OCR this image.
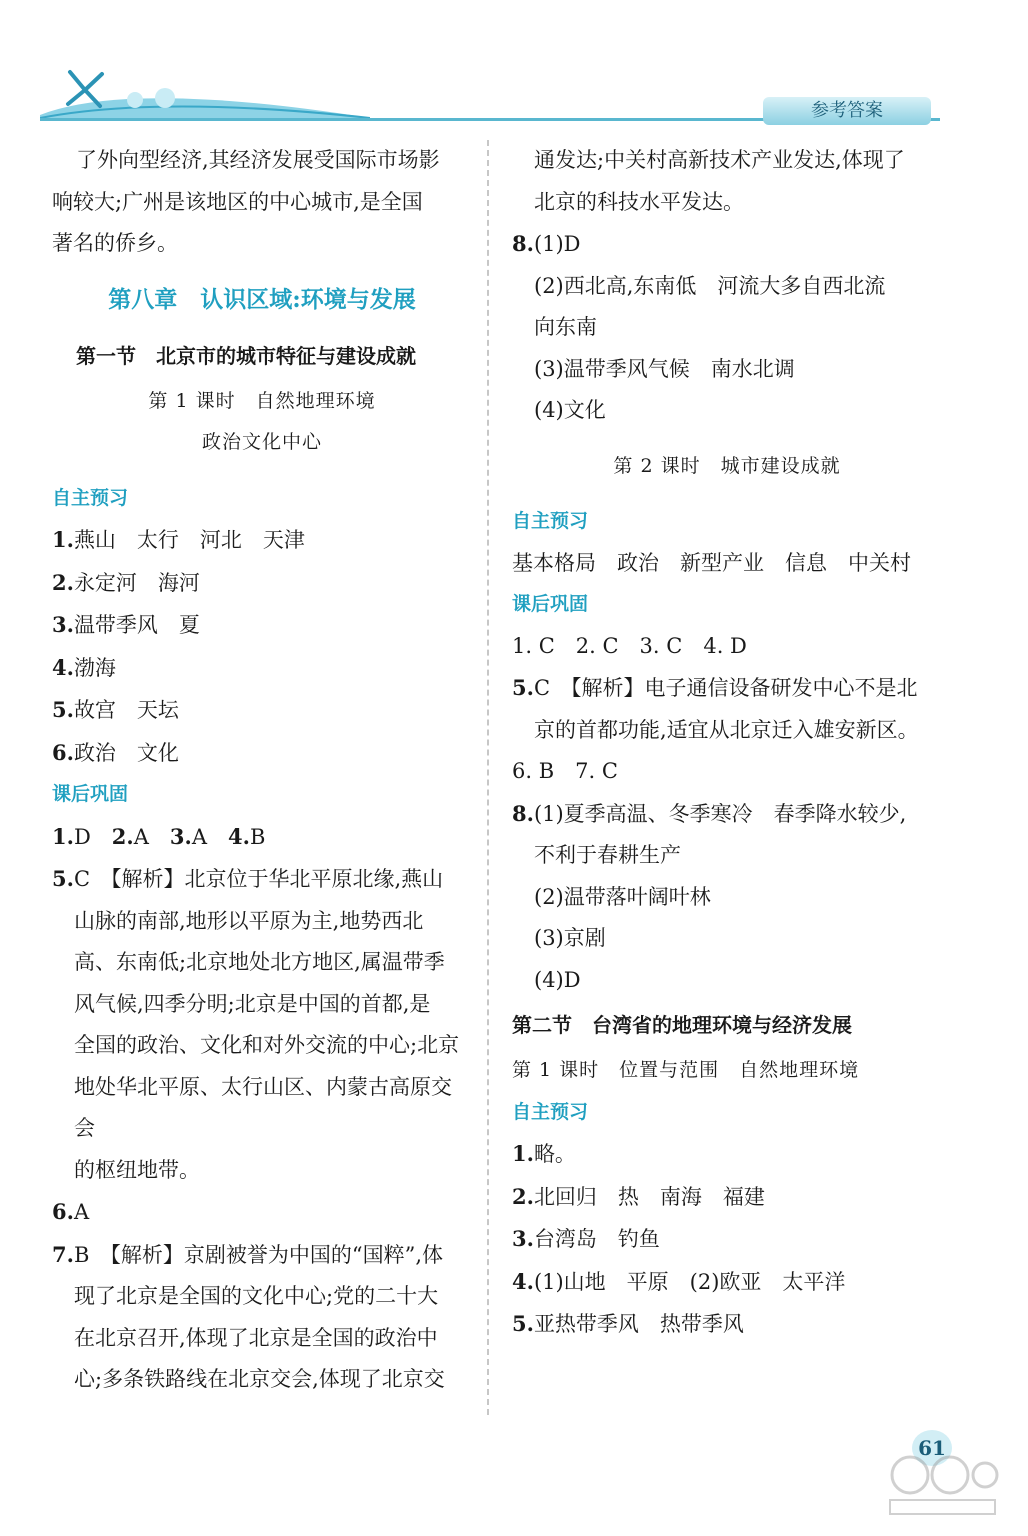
参考答案

了外向型经济,其经济发展受国际市场影

响较大;广州是该地区的中心城市,是全国

著名的侨乡。

第八章　认识区域:环境与发展
第一节　北京市的城市特征与建设成就

第 1 课时　自然地理环境

政治文化中心

自主预习

1.燕山　太行　河北　天津

2.永定河　海河

3.温带季风　夏

4.渤海

5.故宫　天坛

6.政治　文化

课后巩固

1.D　 2.A　 3.A　 4.B

5.C　【解析】北京位于华北平原北缘,燕山

山脉的南部,地形以平原为主,地势西北

高、东南低;北京地处北方地区,属温带季

风气候,四季分明;北京是中国的首都,是

全国的政治、文化和对外交流的中心;北京

地处华北平原、太行山区、内蒙古高原交会

的枢纽地带。

6.A

7.B　【解析】京剧被誉为中国的“国粹”,体

现了北京是全国的文化中心;党的二十大

在北京召开,体现了北京是全国的政治中

心;多条铁路线在北京交会,体现了北京交

通发达;中关村高新技术产业发达,体现了

北京的科技水平发达。

8.(1)D

(2)西北高,东南低　河流大多自西北流

向东南

(3)温带季风气候　南水北调

(4)文化

第 2 课时　城市建设成就

自主预习

基本格局　政治　新型产业　信息　中关村

课后巩固

1. C　2. C　3. C　4. D

5.C　【解析】电子通信设备研发中心不是北

京的首都功能,适宜从北京迁入雄安新区。

6. B　7. C

8.(1)夏季高温、冬季寒冷　春季降水较少,

不利于春耕生产

(2)温带落叶阔叶林

(3)京剧

(4)D

第二节　台湾省的地理环境与经济发展

第 1 课时　位置与范围　自然地理环境

自主预习

1.略。

2.北回归　热　南海　福建

3.台湾岛　钓鱼

4.(1)山地　平原　(2)欧亚　太平洋

5.亚热带季风　热带季风

61
